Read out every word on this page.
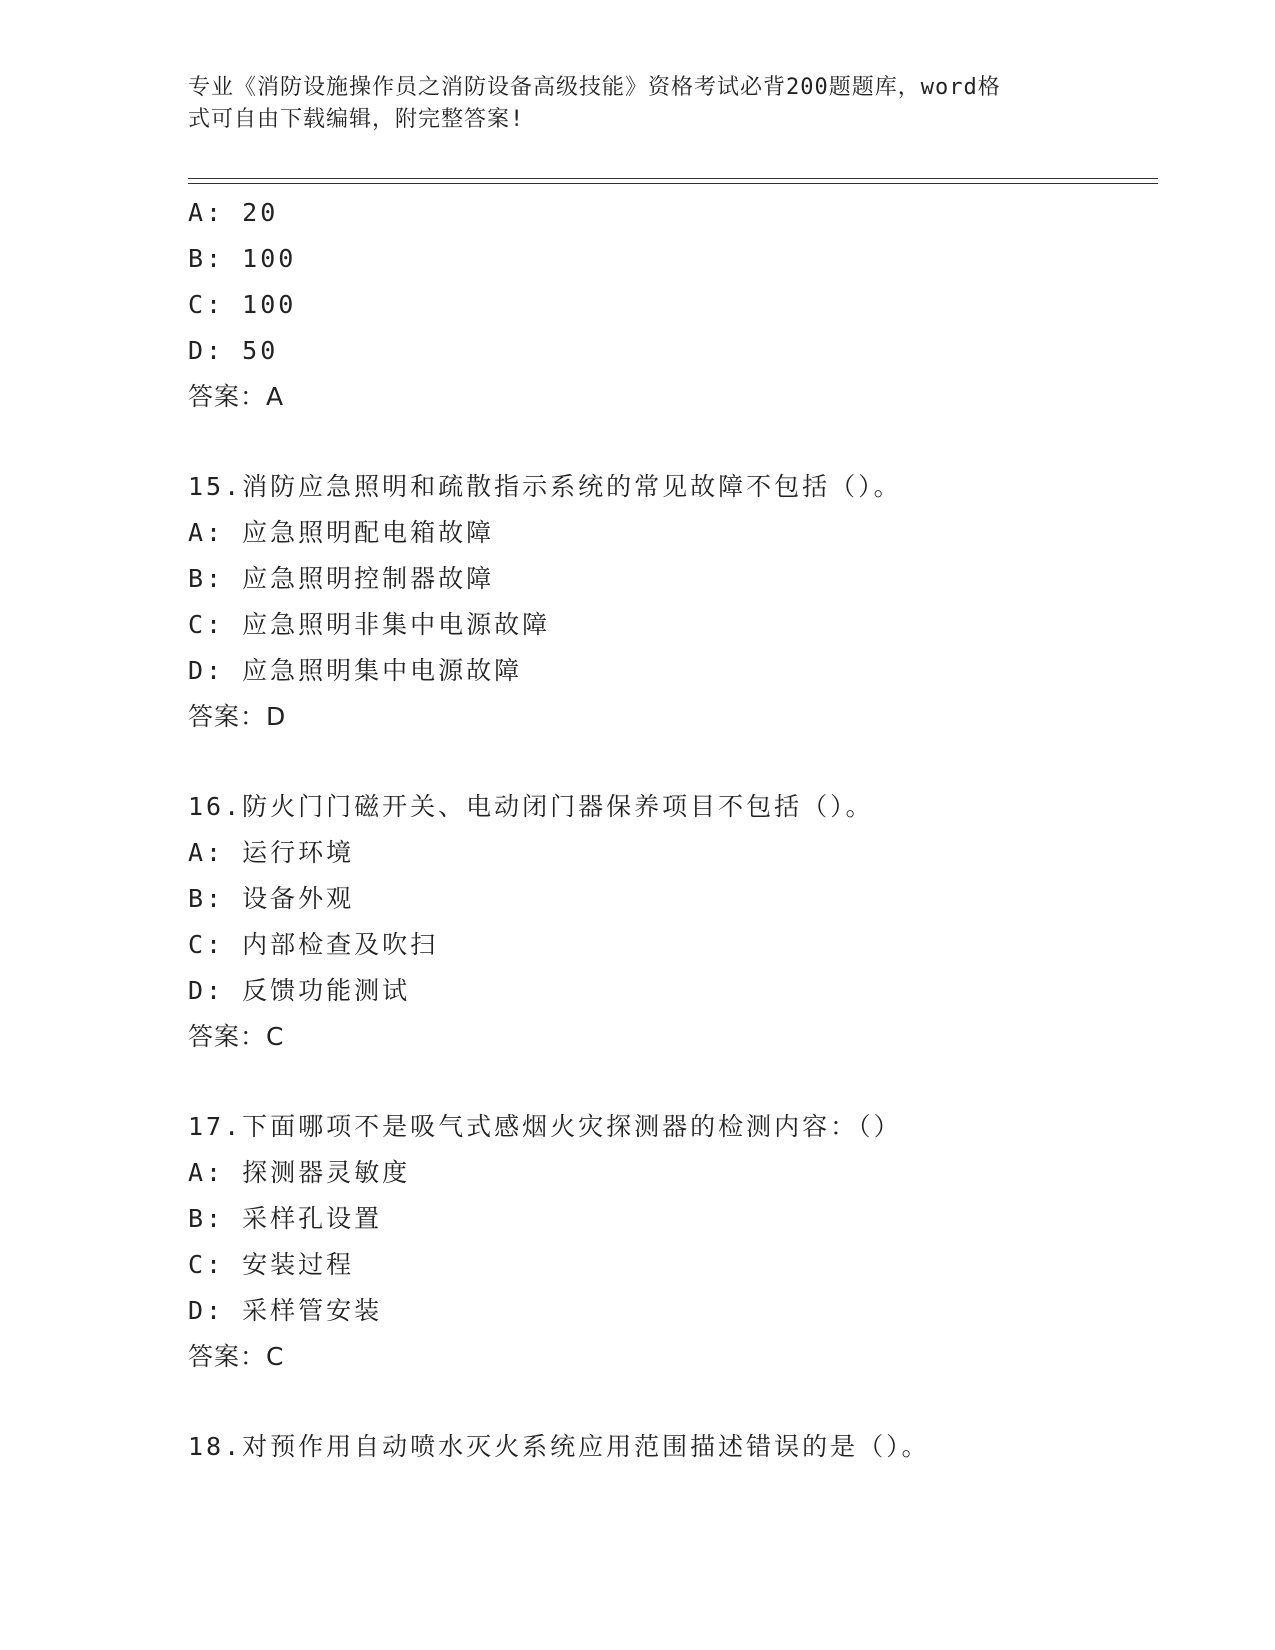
专业《消防设施操作员之消防设备高级技能》资格考试必背200题题库，word格
式可自由下载编辑，附完整答案!
A: 20
B: 100
C: 100
D: 50
答案：A
15.消防应急照明和疏散指示系统的常见故障不包括（）。
A: 应急照明配电箱故障
B: 应急照明控制器故障
C: 应急照明非集中电源故障
D: 应急照明集中电源故障
答案：D
16.防火门门磁开关、电动闭门器保养项目不包括（）。
A: 运行环境
B: 设备外观
C: 内部检查及吹扫
D: 反馈功能测试
答案：C
17.下面哪项不是吸气式感烟火灾探测器的检测内容：（）
A: 探测器灵敏度
B: 采样孔设置
C: 安装过程
D: 采样管安装
答案：C
18.对预作用自动喷水灭火系统应用范围描述错误的是（）。
